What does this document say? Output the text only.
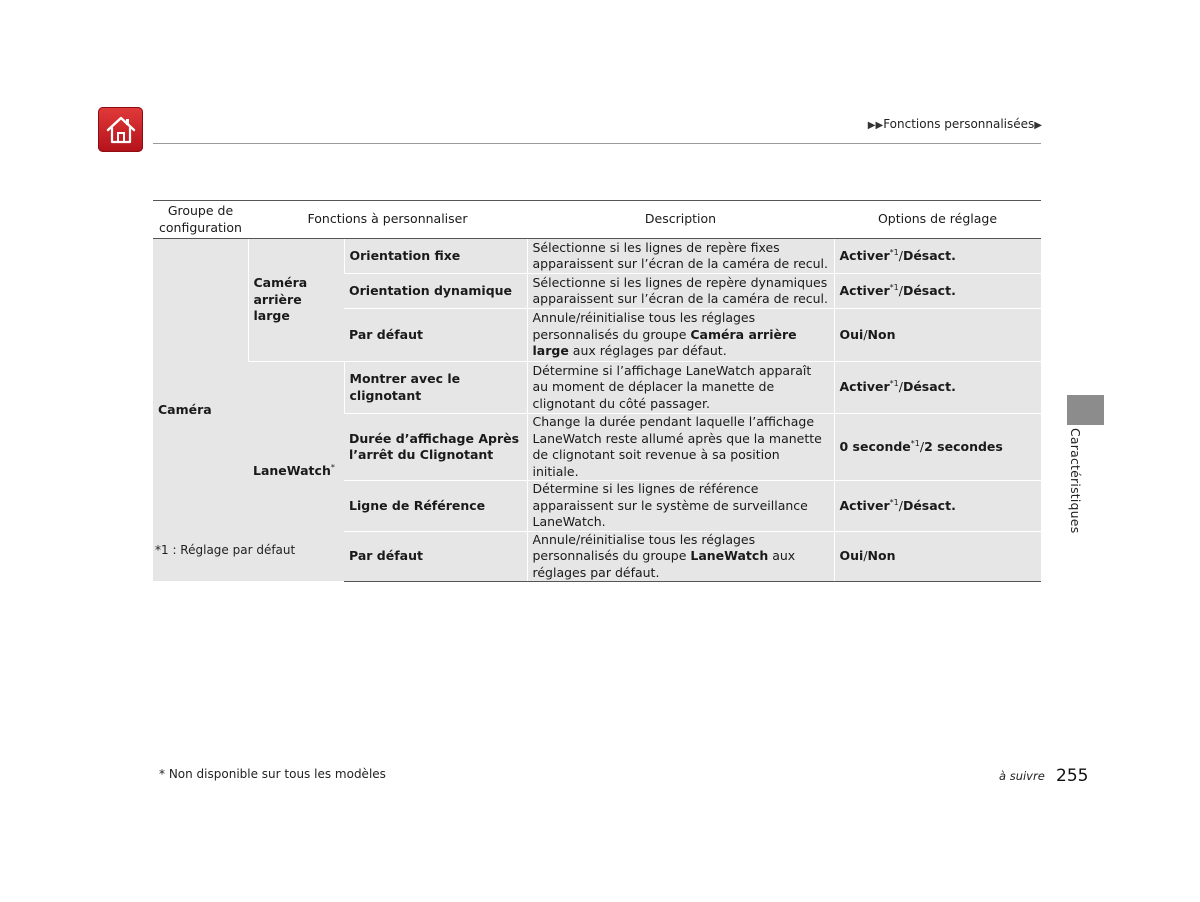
▶▶Fonctions personnalisées▶
Groupe de configuration	Fonctions à personnaliser		Description	Options de réglage
Caméra	Caméra arrière large	Orientation fixe	Sélectionne si les lignes de repère fixes apparaissent sur l’écran de la caméra de recul.	Activer$^{*1}$/Désact.
		Orientation dynamique	Sélectionne si les lignes de repère dynamiques apparaissent sur l’écran de la caméra de recul.	Activer$^{*1}$/Désact.
		Par défaut	Annule/réinitialise tous les réglages personnalisés du groupe Caméra arrière large aux réglages par défaut.	Oui/Non
	LaneWatch*	Montrer avec le clignotant	Détermine si l’affichage LaneWatch apparaît au moment de déplacer la manette de clignotant du côté passager.	Activer$^{*1}$/Désact.
		Durée d’affichage Après l’arrêt du Clignotant	Change la durée pendant laquelle l’affichage LaneWatch reste allumé après que la manette de clignotant soit revenue à sa position initiale.	0 seconde$^{*1}$/2 secondes
		Ligne de Référence	Détermine si les lignes de référence apparaissent sur le système de surveillance LaneWatch.	Activer$^{*1}$/Désact.
		Par défaut	Annule/réinitialise tous les réglages personnalisés du groupe LaneWatch aux réglages par défaut.	Oui/Non
*1 : Réglage par défaut
* Non disponible sur tous les modèles	à suivre 255
Caractéristiques
